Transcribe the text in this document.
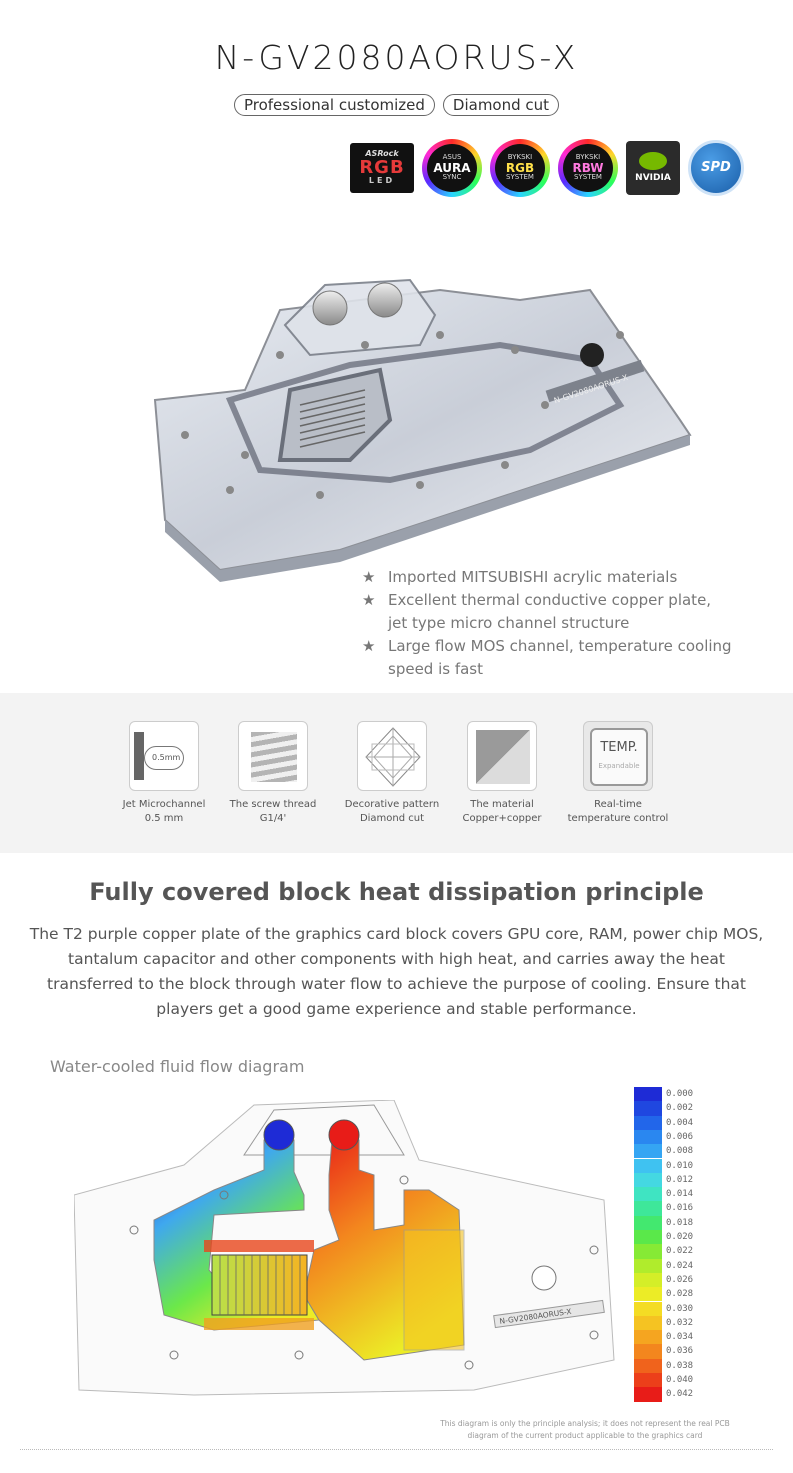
N-GV2080AORUS-X
Professional customized	Diamond cut
ASRock
RGB
LED
ASUS
AURA
SYNC
BYKSKI
RGB
SYSTEM
BYKSKI
RBW
SYSTEM	NVIDIA
SPD
N-GV2080AORUS-X
★ Imported MITSUBISHI acrylic materials
★ Excellent thermal conductive copper plate,
jet type micro channel structure
★ Large flow MOS channel, temperature cooling
speed is fast
0.5mm
Jet Microchannel
0.5 mm
The screw thread
G1/4'
Decorative pattern
Diamond cut
The material
Copper+copper
TEMP.
Expandable
Real-time
temperature control
Fully covered block heat dissipation principle
The T2 purple copper plate of the graphics card block covers GPU core, RAM, power chip MOS, tantalum capacitor and other components with high heat, and carries away the heat transferred to the block through water flow to achieve the purpose of cooling. Ensure that players get a good game experience and stable performance.
Water-cooled fluid flow diagram
0.000
0.002
0.004
0.006
0.008
0.010
0.012
0.014
0.016
0.018
0.020
0.022
0.024
0.026
0.028
0.030
0.032
0.034
0.036
0.038
0.040
0.042
N-GV2080AORUS-X
This diagram is only the principle analysis; it does not represent the real PCB
diagram of the current product applicable to the graphics card
